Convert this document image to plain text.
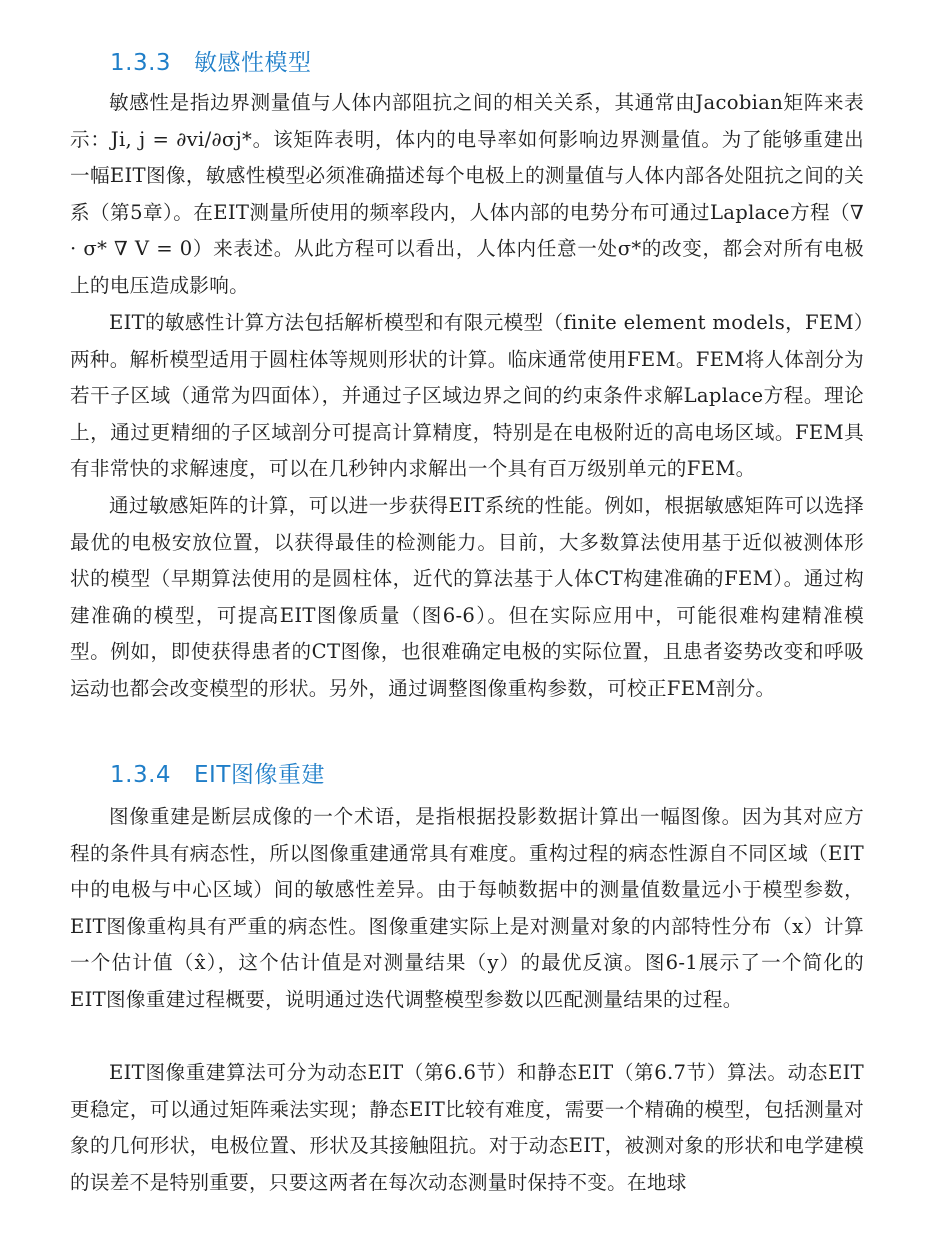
1.3.3 敏感性模型

敏感性是指边界测量值与人体内部阻抗之间的相关关系，其通常由Jacobian矩阵来表示：Ji, j = ∂vi/∂σj*。该矩阵表明，体内的电导率如何影响边界测量值。为了能够重建出一幅EIT图像，敏感性模型必须准确描述每个电极上的测量值与人体内部各处阻抗之间的关系（第5章）。在EIT测量所使用的频率段内，人体内部的电势分布可通过Laplace方程（∇ · σ* ∇ V = 0）来表述。从此方程可以看出，人体内任意一处σ*的改变，都会对所有电极上的电压造成影响。

EIT的敏感性计算方法包括解析模型和有限元模型（finite element models，FEM）两种。解析模型适用于圆柱体等规则形状的计算。临床通常使用FEM。FEM将人体剖分为若干子区域（通常为四面体），并通过子区域边界之间的约束条件求解Laplace方程。理论上，通过更精细的子区域剖分可提高计算精度，特别是在电极附近的高电场区域。FEM具有非常快的求解速度，可以在几秒钟内求解出一个具有百万级别单元的FEM。

通过敏感矩阵的计算，可以进一步获得EIT系统的性能。例如，根据敏感矩阵可以选择最优的电极安放位置，以获得最佳的检测能力。目前，大多数算法使用基于近似被测体形状的模型（早期算法使用的是圆柱体，近代的算法基于人体CT构建准确的FEM）。通过构建准确的模型，可提高EIT图像质量（图6-6）。但在实际应用中，可能很难构建精准模型。例如，即使获得患者的CT图像，也很难确定电极的实际位置，且患者姿势改变和呼吸运动也都会改变模型的形状。另外，通过调整图像重构参数，可校正FEM剖分。

1.3.4 EIT图像重建

图像重建是断层成像的一个术语，是指根据投影数据计算出一幅图像。因为其对应方程的条件具有病态性，所以图像重建通常具有难度。重构过程的病态性源自不同区域（EIT中的电极与中心区域）间的敏感性差异。由于每帧数据中的测量值数量远小于模型参数，EIT图像重构具有严重的病态性。图像重建实际上是对测量对象的内部特性分布（x）计算一个估计值（x̂），这个估计值是对测量结果（y）的最优反演。图6-1展示了一个简化的EIT图像重建过程概要，说明通过迭代调整模型参数以匹配测量结果的过程。

EIT图像重建算法可分为动态EIT（第6.6节）和静态EIT（第6.7节）算法。动态EIT更稳定，可以通过矩阵乘法实现；静态EIT比较有难度，需要一个精确的模型，包括测量对象的几何形状，电极位置、形状及其接触阻抗。对于动态EIT，被测对象的形状和电学建模的误差不是特别重要，只要这两者在每次动态测量时保持不变。在地球
